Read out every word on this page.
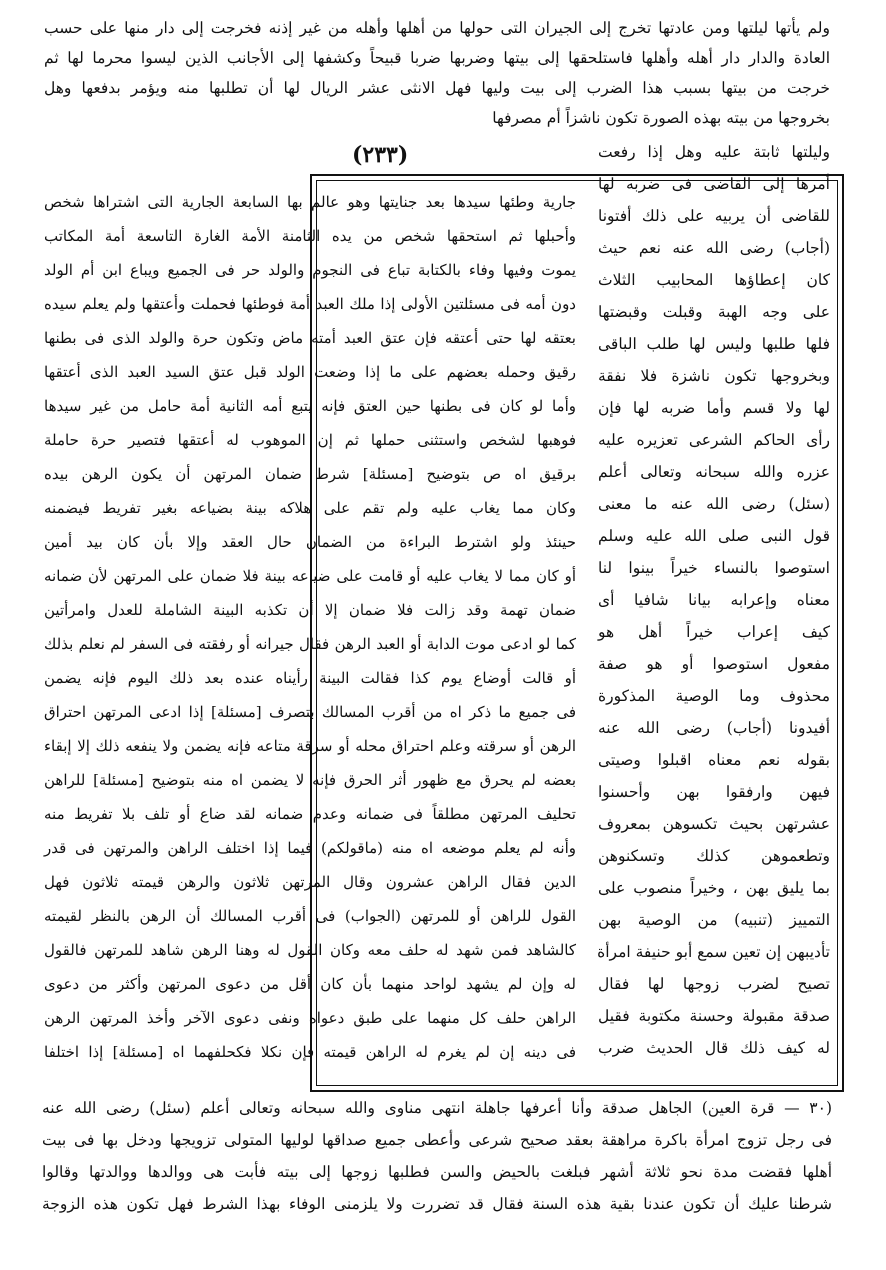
ولم يأتها ليلتها ومن عادتها تخرج إلى الجيران التى حولها من أهلها وأهله من غير إذنه فخرجت إلى دار منها على حسب
العادة والدار دار أهله وأهلها فاستلحقها إلى بيتها وضربها ضربا قبيحاً وكشفها إلى الأجانب الذين ليسوا محرما لها ثم
خرجت من بيتها بسبب هذا الضرب إلى بيت وليها فهل الانثى عشر الريال لها أن تطلبها منه ويؤمر بدفعها وهل
بخروجها من بيته بهذه الصورة تكون ناشزاً أم مصرفها
(٢٣٣)	وليلتها ثابتة عليه وهل إذا رفعت
أمرها إلى القاضى فى ضربه لها
للقاضى أن يربيه على ذلك أفتونا
(أجاب) رضى الله عنه نعم حيث
كان إعطاؤها المحابيب الثلاث
على وجه الهبة وقبلت وقبضتها
فلها طلبها وليس لها طلب الباقى
وبخروجها تكون ناشزة فلا نفقة
لها ولا قسم وأما ضربه لها فإن
رأى الحاكم الشرعى تعزيره عليه
عزره والله سبحانه وتعالى أعلم
(سئل) رضى الله عنه ما معنى
قول النبى صلى الله عليه وسلم
استوصوا بالنساء خيراً بينوا لنا
معناه وإعرابه بيانا شافيا أى
كيف إعراب خيراً أهل هو
مفعول استوصوا أو هو صفة
محذوف وما الوصية المذكورة
أفيدونا (أجاب) رضى الله عنه
بقوله نعم معناه اقبلوا وصيتى
فيهن وارفقوا بهن وأحسنوا
عشرتهن بحيث تكسوهن بمعروف
وتطعموهن كذلك وتسكنوهن
بما يليق بهن ، وخيراً منصوب على
التمييز (تنبيه) من الوصية بهن
تأديبهن إن تعين سمع أبو حنيفة امرأة
تصيح لضرب زوجها لها فقال
صدقة مقبولة وحسنة مكتوبة فقيل
له كيف ذلك قال الحديث ضرب
جارية وطئها سيدها بعد جنايتها وهو عالم بها السابعة الجارية التى اشتراها شخص
وأحبلها ثم استحقها شخص من يده الثامنة الأمة الغارة التاسعة أمة المكاتب
يموت وفيها وفاء بالكتابة تباع فى النجوم والولد حر فى الجميع ويباع ابن أم الولد
دون أمه فى مسئلتين الأولى إذا ملك العبد أمة فوطئها فحملت وأعتقها ولم يعلم سيده
بعتقه لها حتى أعتقه فإن عتق العبد أمته ماض وتكون حرة والولد الذى فى بطنها
رقيق وحمله بعضهم على ما إذا وضعت الولد قبل عتق السيد العبد الذى أعتقها
وأما لو كان فى بطنها حين العتق فإنه يتبع أمه الثانية أمة حامل من غير سيدها
فوهبها لشخص واستثنى حملها ثم إن الموهوب له أعتقها فتصير حرة حاملة
برقيق اه ص بتوضيح [مسئلة] شرط ضمان المرتهن أن يكون الرهن بيده
وكان مما يغاب عليه ولم تقم على هلاكه بينة بضياعه بغير تفريط فيضمنه
حينئذ ولو اشترط البراءة من الضمان حال العقد وإلا بأن كان بيد أمين
أو كان مما لا يغاب عليه أو قامت على ضياعه بينة فلا ضمان على المرتهن لأن ضمانه
ضمان تهمة وقد زالت فلا ضمان إلا أن تكذبه البينة الشاملة للعدل وامرأتين
كما لو ادعى موت الدابة أو العبد الرهن فقال جيرانه أو رفقته فى السفر لم نعلم بذلك
أو قالت أوضاع يوم كذا فقالت البينة رأيناه عنده بعد ذلك اليوم فإنه يضمن
فى جميع ما ذكر اه من أقرب المسالك بتصرف [مسئلة] إذا ادعى المرتهن احتراق
الرهن أو سرقته وعلم احتراق محله أو سرقة متاعه فإنه يضمن ولا ينفعه ذلك إلا إبقاء
بعضه لم يحرق مع ظهور أثر الحرق فإنه لا يضمن اه منه بتوضيح [مسئلة] للراهن
تحليف المرتهن مطلقاً فى ضمانه وعدم ضمانه لقد ضاع أو تلف بلا تفريط منه
وأنه لم يعلم موضعه اه منه (ماقولكم) فيما إذا اختلف الراهن والمرتهن فى قدر
الدين فقال الراهن عشرون وقال المرتهن ثلاثون والرهن قيمته ثلاثون فهل
القول للراهن أو للمرتهن (الجواب) فى أقرب المسالك أن الرهن بالنظر لقيمته
كالشاهد فمن شهد له حلف معه وكان القول له وهنا الرهن شاهد للمرتهن فالقول
له وإن لم يشهد لواحد منهما بأن كان أقل من دعوى المرتهن وأكثر من دعوى
الراهن حلف كل منهما على طبق دعواه ونفى دعوى الآخر وأخذ المرتهن الرهن
فى دينه إن لم يغرم له الراهن قيمته فإن نكلا فكحلفهما اه [مسئلة] إذا اختلفا
(٣٠ — قرة العين) الجاهل صدقة وأنا أعرفها جاهلة انتهى مناوى والله سبحانه وتعالى أعلم (سئل) رضى الله عنه
فى رجل تزوج امرأة باكرة مراهقة بعقد صحيح شرعى وأعطى جميع صداقها لوليها المتولى تزويجها ودخل بها فى بيت
أهلها فقضت مدة نحو ثلاثة أشهر فبلغت بالحيض والسن فطلبها زوجها إلى بيته فأبت هى ووالدها ووالدتها وقالوا
شرطنا عليك أن تكون عندنا بقية هذه السنة فقال قد تضررت ولا يلزمنى الوفاء بهذا الشرط فهل تكون هذه الزوجة
